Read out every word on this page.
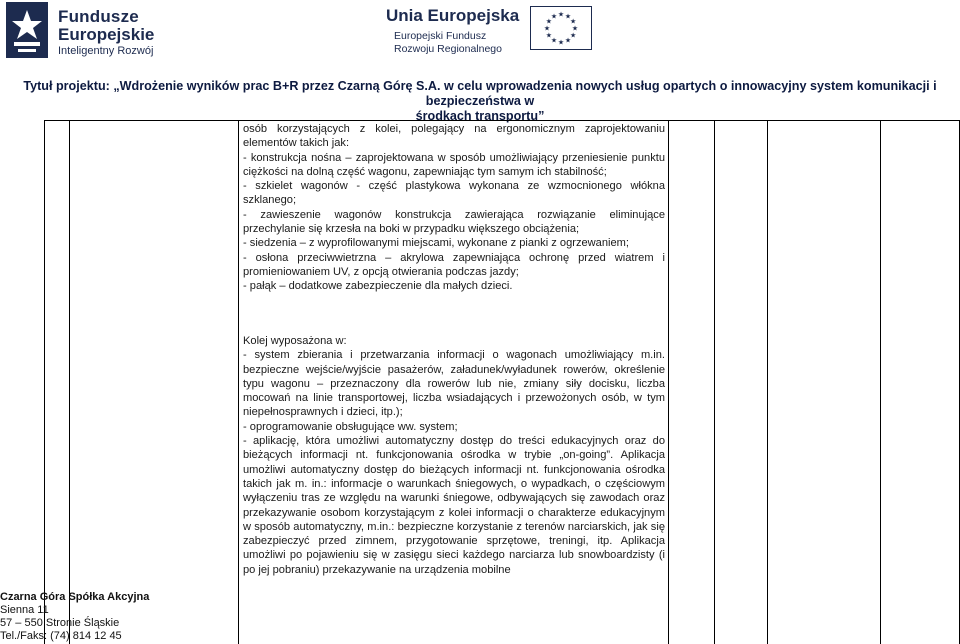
Fundusze
Europejskie
Inteligentny Rozwój
Unia Europejska
Europejski Fundusz
Rozwoju Regionalnego
★ ★
★
★
★
★
★
★
★
★
★
★
Tytuł projektu: „Wdrożenie wyników prac B+R przez Czarną Górę S.A. w celu wprowadzenia nowych usług opartych o innowacyjny system komunikacji i bezpieczeństwa w
środkach transportu”

osób korzystających z kolei, polegający na ergonomicznym zaprojektowaniu elementów takich jak:

- konstrukcja nośna – zaprojektowana w sposób umożliwiający przeniesienie punktu ciężkości na dolną część wagonu, zapewniając tym samym ich stabilność;

- szkielet wagonów - część plastykowa wykonana ze wzmocnionego włókna szklanego;

- zawieszenie wagonów konstrukcja zawierająca rozwiązanie eliminujące przechylanie się krzesła na boki w przypadku większego obciążenia;

- siedzenia – z wyprofilowanymi miejscami, wykonane z pianki z ogrzewaniem;

- osłona przeciwwietrzna – akrylowa zapewniająca ochronę przed wiatrem i promieniowaniem UV, z opcją otwierania podczas jazdy;

- pałąk – dodatkowe zabezpieczenie dla małych dzieci.

Kolej wyposażona w:

- system zbierania i przetwarzania informacji o wagonach umożliwiający m.in. bezpieczne wejście/wyjście pasażerów, załadunek/wyładunek rowerów, określenie typu wagonu – przeznaczony dla rowerów lub nie, zmiany siły docisku, liczba mocowań na linie transportowej, liczba wsiadających i przewożonych osób, w tym niepełnosprawnych i dzieci, itp.);

- oprogramowanie obsługujące ww. system;

- aplikację, która umożliwi automatyczny dostęp do treści edukacyjnych oraz do bieżących informacji nt. funkcjonowania ośrodka w trybie „on-going”. Aplikacja umożliwi automatyczny dostęp do bieżących informacji nt. funkcjonowania ośrodka takich jak m. in.: informacje o warunkach śniegowych, o wypadkach, o częściowym wyłączeniu tras ze względu na warunki śniegowe, odbywających się zawodach oraz przekazywanie osobom korzystającym z kolei informacji o charakterze edukacyjnym w sposób automatyczny, m.in.: bezpieczne korzystanie z terenów narciarskich, jak się zabezpieczyć przed zimnem, przygotowanie sprzętowe, treningi, itp. Aplikacja umożliwi po pojawieniu się w zasięgu sieci każdego narciarza lub snowboardzisty (i po jej pobraniu) przekazywanie na urządzenia mobilne

Czarna Góra Spółka Akcyjna
Sienna 11
57 – 550 Stronie Śląskie
Tel./Faks: (74) 814 12 45
